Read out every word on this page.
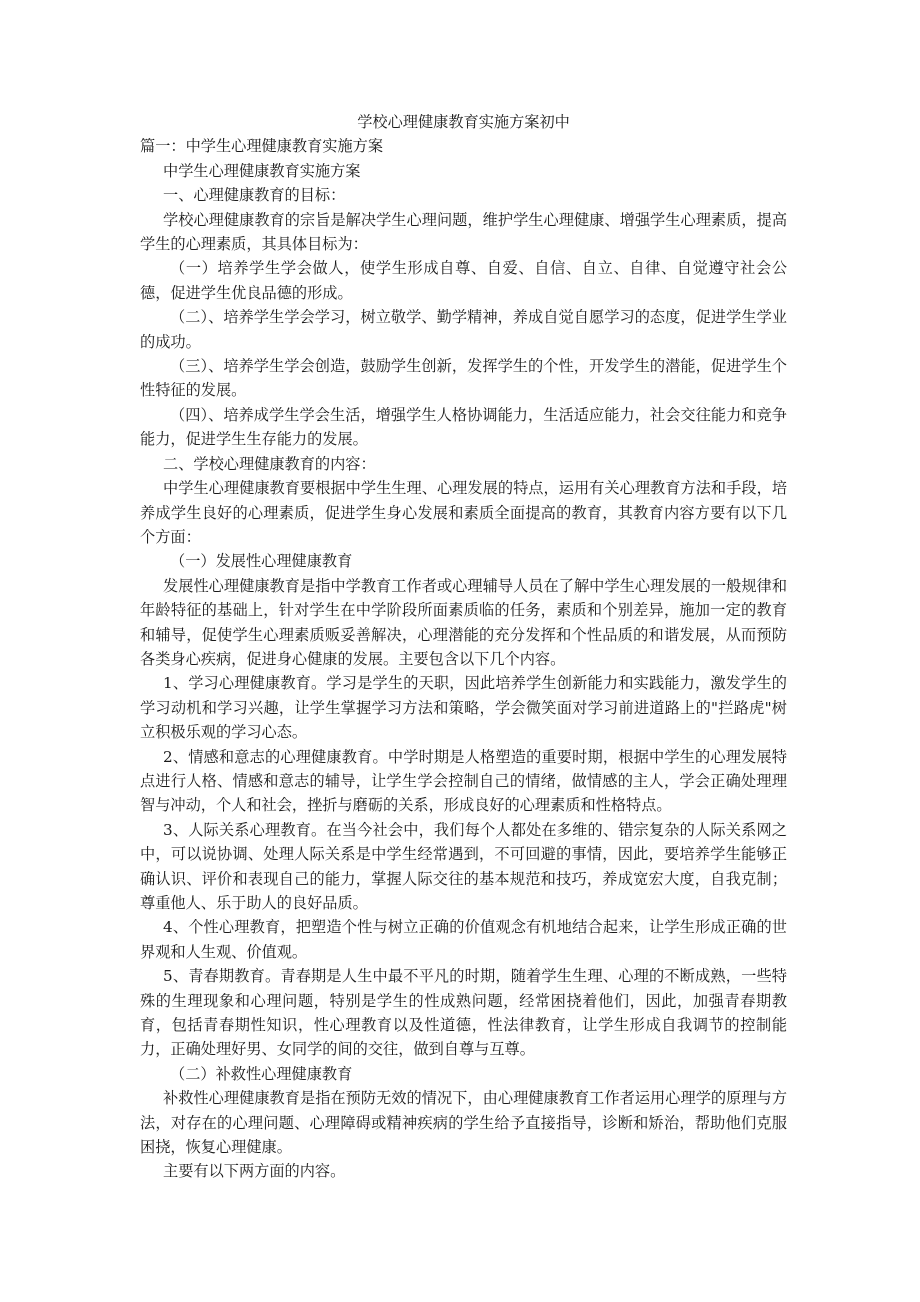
学校心理健康教育实施方案初中

篇一：中学生心理健康教育实施方案

中学生心理健康教育实施方案

一、心理健康教育的目标：

学校心理健康教育的宗旨是解决学生心理问题，维护学生心理健康、增强学生心理素质，提高学生的心理素质，其具体目标为：

（一）培养学生学会做人，使学生形成自尊、自爱、自信、自立、自律、自觉遵守社会公德，促进学生优良品德的形成。

（二）、培养学生学会学习，树立敬学、勤学精神，养成自觉自愿学习的态度，促进学生学业的成功。

（三）、培养学生学会创造，鼓励学生创新，发挥学生的个性，开发学生的潜能，促进学生个性特征的发展。

（四）、培养成学生学会生活，增强学生人格协调能力，生活适应能力，社会交往能力和竞争能力，促进学生生存能力的发展。

二、学校心理健康教育的内容：

中学生心理健康教育要根据中学生生理、心理发展的特点，运用有关心理教育方法和手段，培养成学生良好的心理素质，促进学生身心发展和素质全面提高的教育，其教育内容方要有以下几个方面：

（一）发展性心理健康教育

发展性心理健康教育是指中学教育工作者或心理辅导人员在了解中学生心理发展的一般规律和年龄特征的基础上，针对学生在中学阶段所面素质临的任务，素质和个别差异，施加一定的教育和辅导，促使学生心理素质贩妥善解决，心理潜能的充分发挥和个性品质的和谐发展，从而预防各类身心疾病，促进身心健康的发展。主要包含以下几个内容。

1、学习心理健康教育。学习是学生的天职，因此培养学生创新能力和实践能力，激发学生的学习动机和学习兴趣，让学生掌握学习方法和策略，学会微笑面对学习前进道路上的"拦路虎"树立积极乐观的学习心态。

2、情感和意志的心理健康教育。中学时期是人格塑造的重要时期，根据中学生的心理发展特点进行人格、情感和意志的辅导，让学生学会控制自己的情绪，做情感的主人，学会正确处理理智与冲动，个人和社会，挫折与磨砺的关系，形成良好的心理素质和性格特点。

3、人际关系心理教育。在当今社会中，我们每个人都处在多维的、错宗复杂的人际关系网之中，可以说协调、处理人际关系是中学生经常遇到，不可回避的事情，因此，要培养学生能够正确认识、评价和表现自己的能力，掌握人际交往的基本规范和技巧，养成宽宏大度，自我克制；尊重他人、乐于助人的良好品质。

4、个性心理教育，把塑造个性与树立正确的价值观念有机地结合起来，让学生形成正确的世界观和人生观、价值观。

5、青春期教育。青春期是人生中最不平凡的时期，随着学生生理、心理的不断成熟，一些特殊的生理现象和心理问题，特别是学生的性成熟问题，经常困挠着他们，因此，加强青春期教育，包括青春期性知识，性心理教育以及性道德，性法律教育，让学生形成自我调节的控制能力，正确处理好男、女同学的间的交往，做到自尊与互尊。

（二）补救性心理健康教育

补救性心理健康教育是指在预防无效的情况下，由心理健康教育工作者运用心理学的原理与方法，对存在的心理问题、心理障碍或精神疾病的学生给予直接指导，诊断和矫治，帮助他们克服困挠，恢复心理健康。

主要有以下两方面的内容。
